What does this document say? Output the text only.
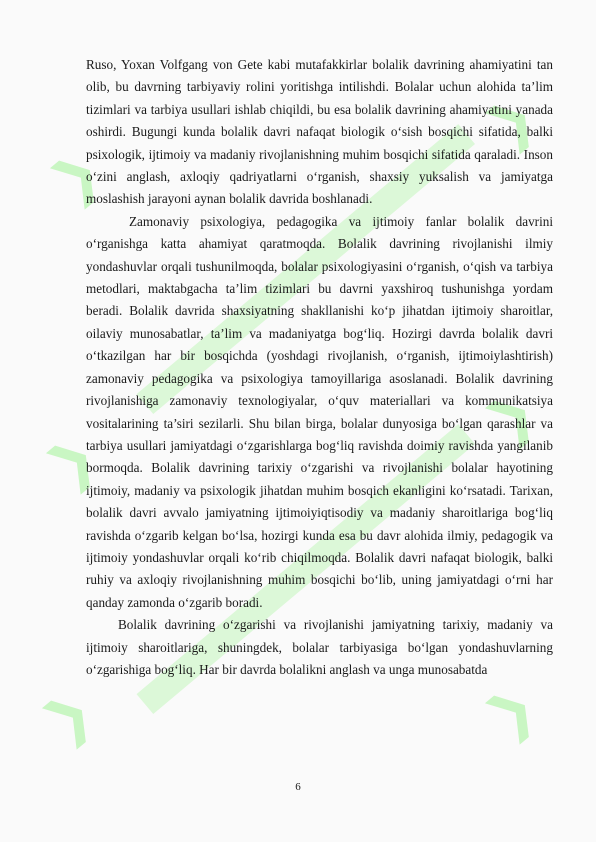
❯
❯
❯
❯
❯
❯

Ruso, Yoxan Volfgang von Gete kabi mutafakkirlar bolalik davrining ahamiyatini tan olib, bu davrning tarbiyaviy rolini yoritishga intilishdi. Bolalar uchun alohida ta’lim tizimlari va tarbiya usullari ishlab chiqildi, bu esa bolalik davrining ahamiyatini yanada oshirdi. Bugungi kunda bolalik davri nafaqat biologik o‘sish bosqichi sifatida, balki psixologik, ijtimoiy va madaniy rivojlanishning muhim bosqichi sifatida qaraladi. Inson o‘zini anglash, axloqiy qadriyatlarni o‘rganish, shaxsiy yuksalish va jamiyatga moslashish jarayoni aynan bolalik davrida boshlanadi.

Zamonaviy psixologiya, pedagogika va ijtimoiy fanlar bolalik davrini o‘rganishga katta ahamiyat qaratmoqda. Bolalik davrining rivojlanishi ilmiy yondashuvlar orqali tushunilmoqda, bolalar psixologiyasini o‘rganish, o‘qish va tarbiya metodlari, maktabgacha ta’lim tizimlari bu davrni yaxshiroq tushunishga yordam beradi. Bolalik davrida shaxsiyatning shakllanishi ko‘p jihatdan ijtimoiy sharoitlar, oilaviy munosabatlar, ta’lim va madaniyatga bog‘liq. Hozirgi davrda bolalik davri o‘tkazilgan har bir bosqichda (yoshdagi rivojlanish, o‘rganish, ijtimoiylashtirish) zamonaviy pedagogika va psixologiya tamoyillariga asoslanadi. Bolalik davrining rivojlanishiga zamonaviy texnologiyalar, o‘quv materiallari va kommunikatsiya vositalarining ta’siri sezilarli. Shu bilan birga, bolalar dunyosiga bo‘lgan qarashlar va tarbiya usullari jamiyatdagi o‘zgarishlarga bog‘liq ravishda doimiy ravishda yangilanib bormoqda. Bolalik davrining tarixiy o‘zgarishi va rivojlanishi bolalar hayotining ijtimoiy, madaniy va psixologik jihatdan muhim bosqich ekanligini ko‘rsatadi. Tarixan, bolalik davri avvalo jamiyatning ijtimoiyiqtisodiy va madaniy sharoitlariga bog‘liq ravishda o‘zgarib kelgan bo‘lsa, hozirgi kunda esa bu davr alohida ilmiy, pedagogik va ijtimoiy yondashuvlar orqali ko‘rib chiqilmoqda. Bolalik davri nafaqat biologik, balki ruhiy va axloqiy rivojlanishning muhim bosqichi bo‘lib, uning jamiyatdagi o‘rni har qanday zamonda o‘zgarib boradi.

Bolalik davrining o‘zgarishi va rivojlanishi jamiyatning tarixiy, madaniy va ijtimoiy sharoitlariga, shuningdek, bolalar tarbiyasiga bo‘lgan yondashuvlarning o‘zgarishiga bog‘liq. Har bir davrda bolalikni anglash va unga munosabatda

6
